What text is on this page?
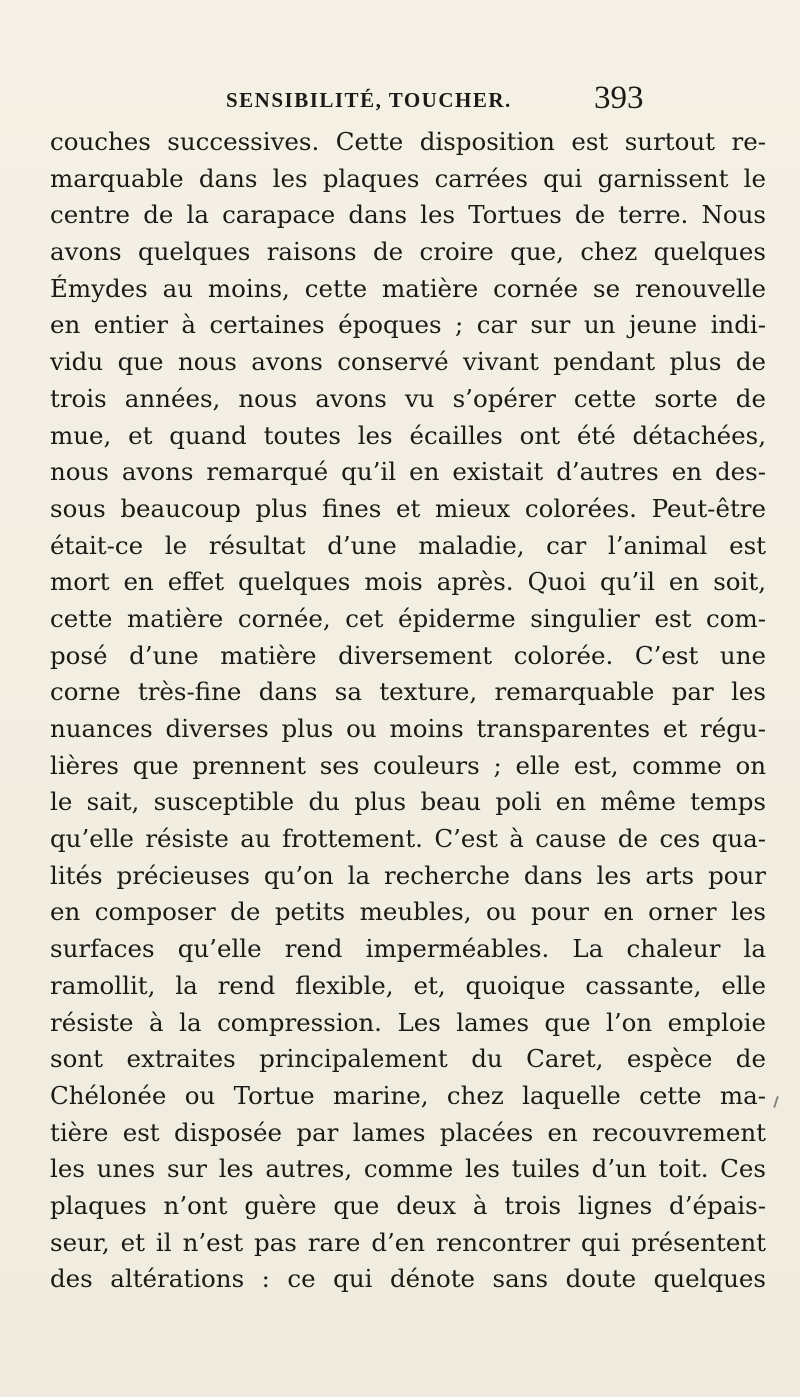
SENSIBILITÉ, TOUCHER. 393
couches successives. Cette disposition est surtout re-
marquable dans les plaques carrées qui garnissent le
centre de la carapace dans les Tortues de terre. Nous
avons quelques raisons de croire que, chez quelques
Émydes au moins, cette matière cornée se renouvelle
en entier à certaines époques ; car sur un jeune indi-
vidu que nous avons conservé vivant pendant plus de
trois années, nous avons vu s’opérer cette sorte de
mue, et quand toutes les écailles ont été détachées,
nous avons remarqué qu’il en existait d’autres en des-
sous beaucoup plus fines et mieux colorées. Peut-être
était-ce le résultat d’une maladie, car l’animal est
mort en effet quelques mois après. Quoi qu’il en soit,
cette matière cornée, cet épiderme singulier est com-
posé d’une matière diversement colorée. C’est une
corne très-fine dans sa texture, remarquable par les
nuances diverses plus ou moins transparentes et régu-
lières que prennent ses couleurs ; elle est, comme on
le sait, susceptible du plus beau poli en même temps
qu’elle résiste au frottement. C’est à cause de ces qua-
lités précieuses qu’on la recherche dans les arts pour
en composer de petits meubles, ou pour en orner les
surfaces qu’elle rend imperméables. La chaleur la
ramollit, la rend flexible, et, quoique cassante, elle
résiste à la compression. Les lames que l’on emploie
sont extraites principalement du Caret, espèce de
Chélonée ou Tortue marine, chez laquelle cette ma-
tière est disposée par lames placées en recouvrement
les unes sur les autres, comme les tuiles d’un toit. Ces
plaques n’ont guère que deux à trois lignes d’épais-
seur, et il n’est pas rare d’en rencontrer qui présentent
des altérations : ce qui dénote sans doute quelques
